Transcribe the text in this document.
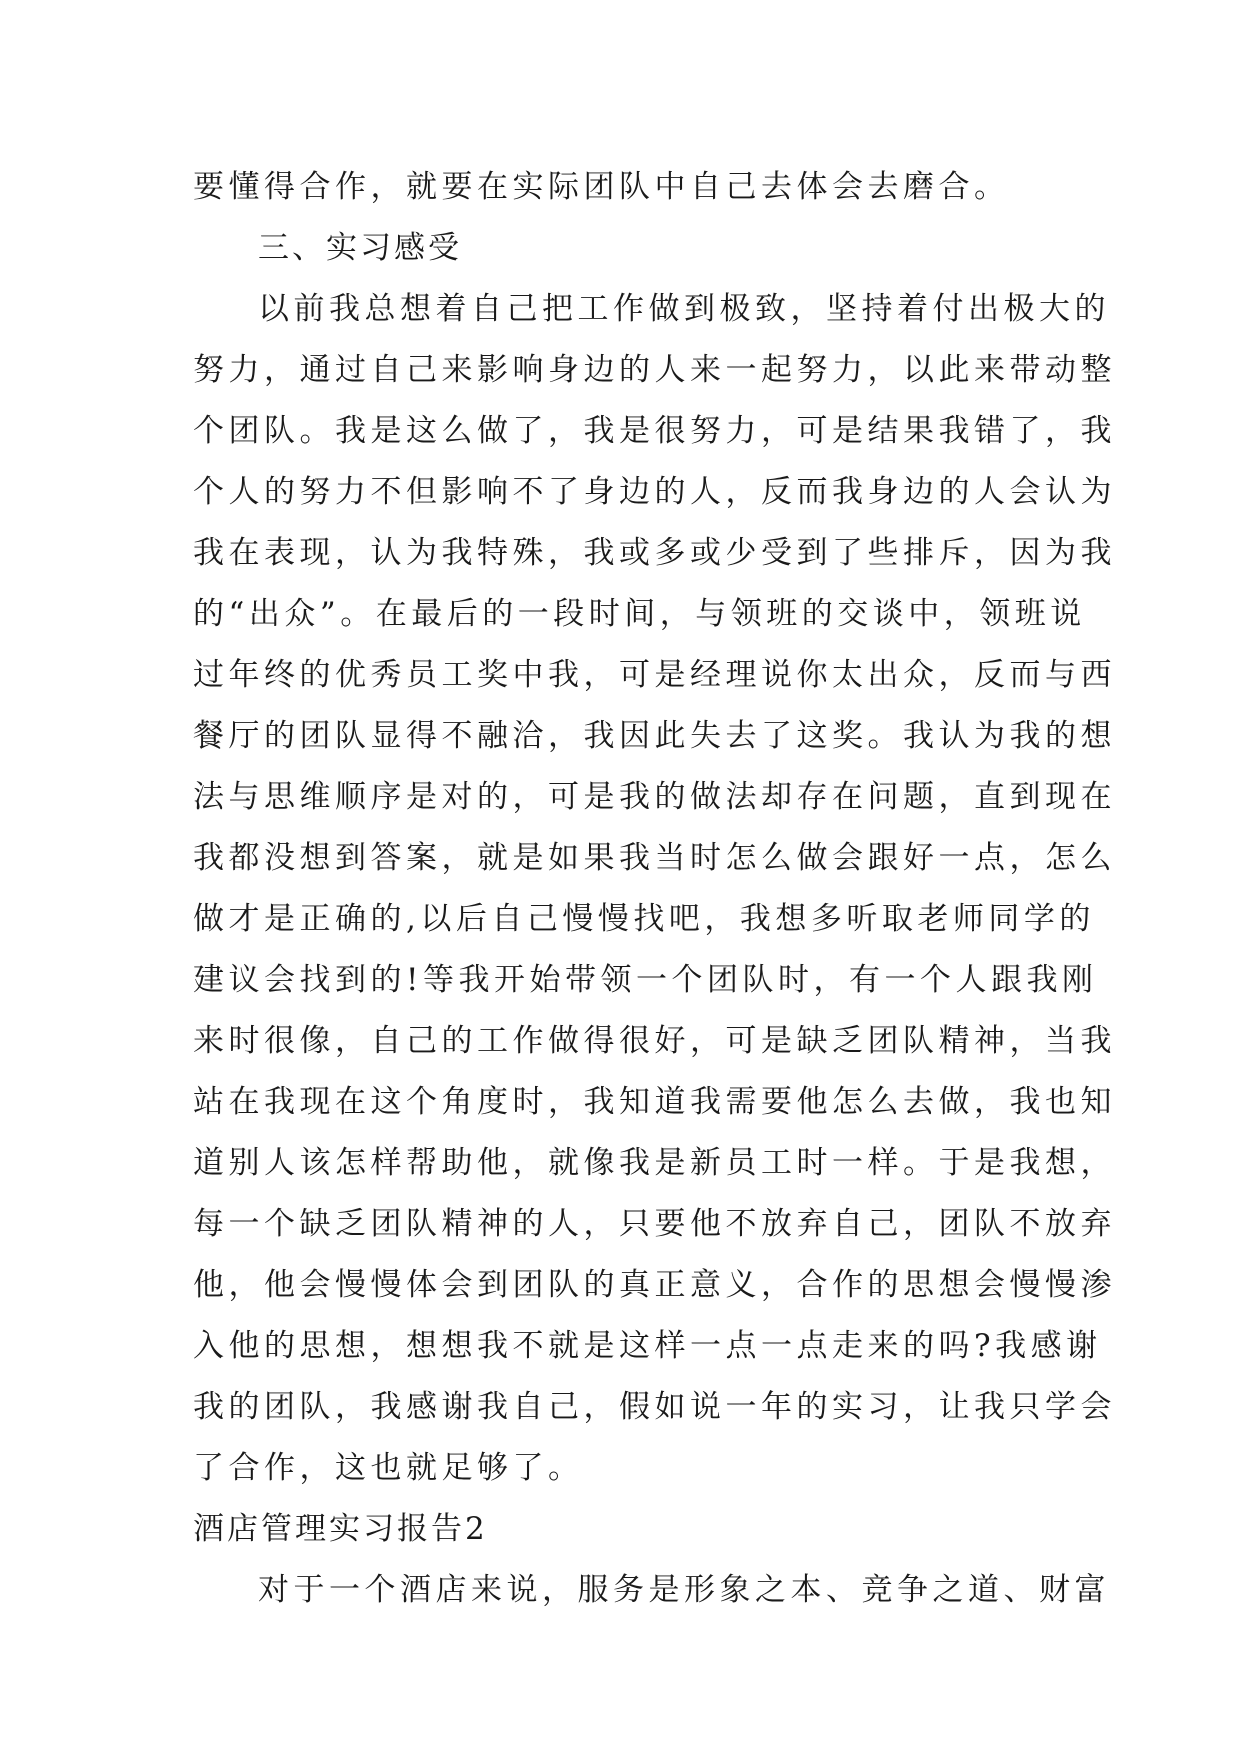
要懂得合作，就要在实际团队中自己去体会去磨合。
三、实习感受
以前我总想着自己把工作做到极致，坚持着付出极大的
努力，通过自己来影响身边的人来一起努力，以此来带动整
个团队。我是这么做了，我是很努力，可是结果我错了，我
个人的努力不但影响不了身边的人，反而我身边的人会认为
我在表现，认为我特殊，我或多或少受到了些排斥，因为我
的“出众”。在最后的一段时间，与领班的交谈中，领班说
过年终的优秀员工奖中我，可是经理说你太出众，反而与西
餐厅的团队显得不融洽，我因此失去了这奖。我认为我的想
法与思维顺序是对的，可是我的做法却存在问题，直到现在
我都没想到答案，就是如果我当时怎么做会跟好一点，怎么
做才是正确的,以后自己慢慢找吧，我想多听取老师同学的
建议会找到的!等我开始带领一个团队时，有一个人跟我刚
来时很像，自己的工作做得很好，可是缺乏团队精神，当我
站在我现在这个角度时，我知道我需要他怎么去做，我也知
道别人该怎样帮助他，就像我是新员工时一样。于是我想，
每一个缺乏团队精神的人，只要他不放弃自己，团队不放弃
他，他会慢慢体会到团队的真正意义，合作的思想会慢慢渗
入他的思想，想想我不就是这样一点一点走来的吗?我感谢
我的团队，我感谢我自己，假如说一年的实习，让我只学会
了合作，这也就足够了。
酒店管理实习报告2
对于一个酒店来说，服务是形象之本、竞争之道、财富
